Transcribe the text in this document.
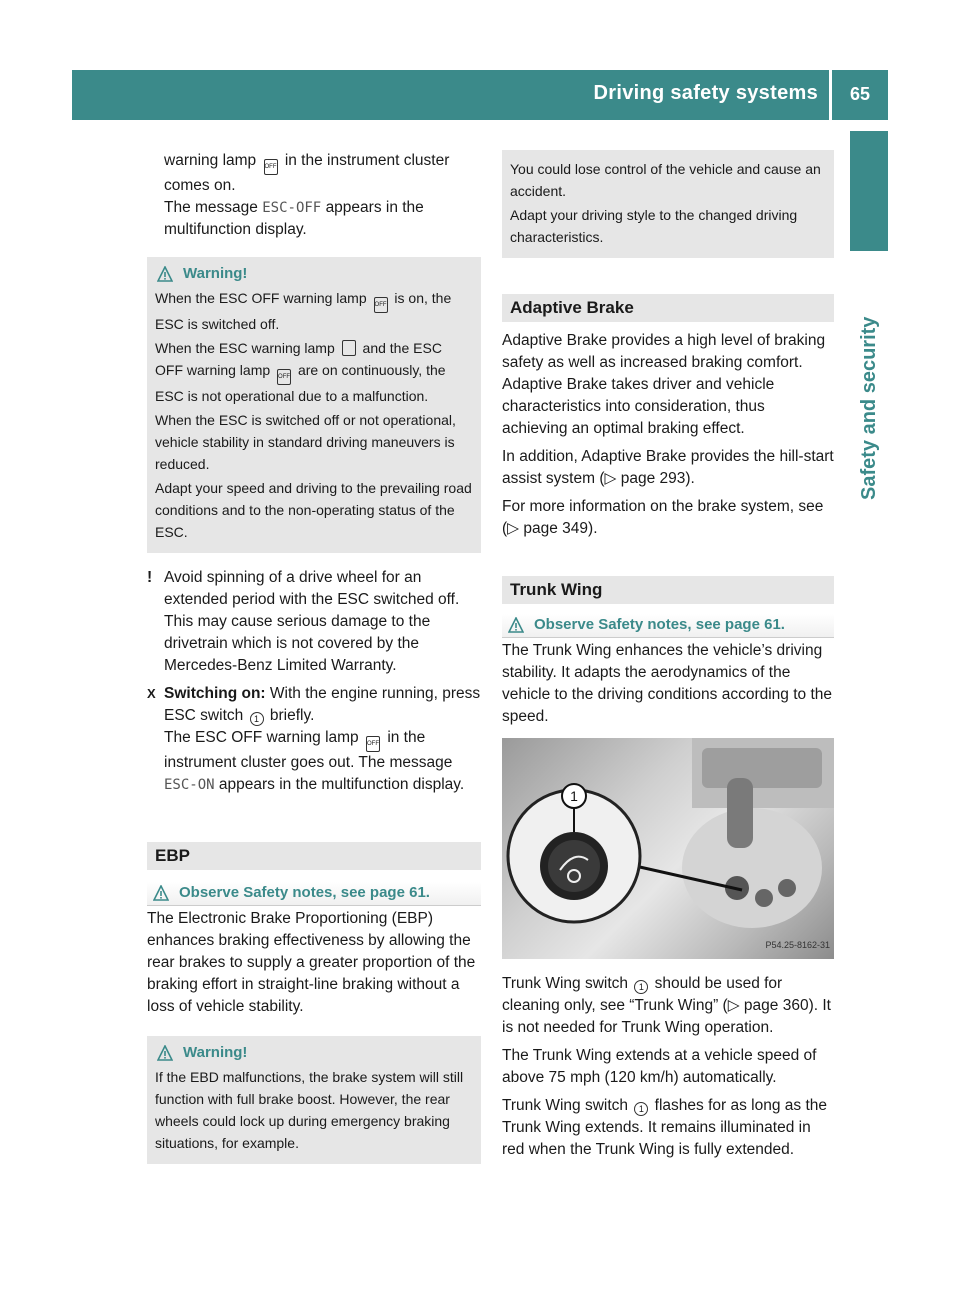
Driving safety systems 65
Safety and security
warning lamp OFF in the instrument cluster comes on.
The message ESC-OFF appears in the multifunction display.
Warning!
When the ESC OFF warning lamp OFF is on, the ESC is switched off.
When the ESC warning lamp and the ESC OFF warning lamp OFF are on continuously, the ESC is not operational due to a malfunction.
When the ESC is switched off or not operational, vehicle stability in standard driving maneuvers is reduced.
Adapt your speed and driving to the prevailing road conditions and to the non-operating status of the ESC.
! Avoid spinning of a drive wheel for an extended period with the ESC switched off. This may cause serious damage to the drivetrain which is not covered by the Mercedes-Benz Limited Warranty.
X Switching on: With the engine running, press ESC switch 1 briefly.
The ESC OFF warning lamp OFF in the instrument cluster goes out. The message ESC-ON appears in the multifunction display.
EBP
Observe Safety notes, see page 61.
The Electronic Brake Proportioning (EBP) enhances braking effectiveness by allowing the rear brakes to supply a greater proportion of the braking effort in straight-line braking without a loss of vehicle stability.
Warning!
If the EBD malfunctions, the brake system will still function with full brake boost. However, the rear wheels could lock up during emergency braking situations, for example.
You could lose control of the vehicle and cause an accident.
Adapt your driving style to the changed driving characteristics.
Adaptive Brake
Adaptive Brake provides a high level of braking safety as well as increased braking comfort. Adaptive Brake takes driver and vehicle characteristics into consideration, thus achieving an optimal braking effect.
In addition, Adaptive Brake provides the hill-start assist system (▷ page 293).
For more information on the brake system, see (▷ page 349).
Trunk Wing
Observe Safety notes, see page 61.
The Trunk Wing enhances the vehicle’s driving stability. It adapts the aerodynamics of the vehicle to the driving conditions according to the speed.
1
P54.25-8162-31
Trunk Wing switch 1 should be used for cleaning only, see “Trunk Wing” (▷ page 360). It is not needed for Trunk Wing operation.
The Trunk Wing extends at a vehicle speed of above 75 mph (120 km/h) automatically.
Trunk Wing switch 1 flashes for as long as the Trunk Wing extends. It remains illuminated in red when the Trunk Wing is fully extended.
